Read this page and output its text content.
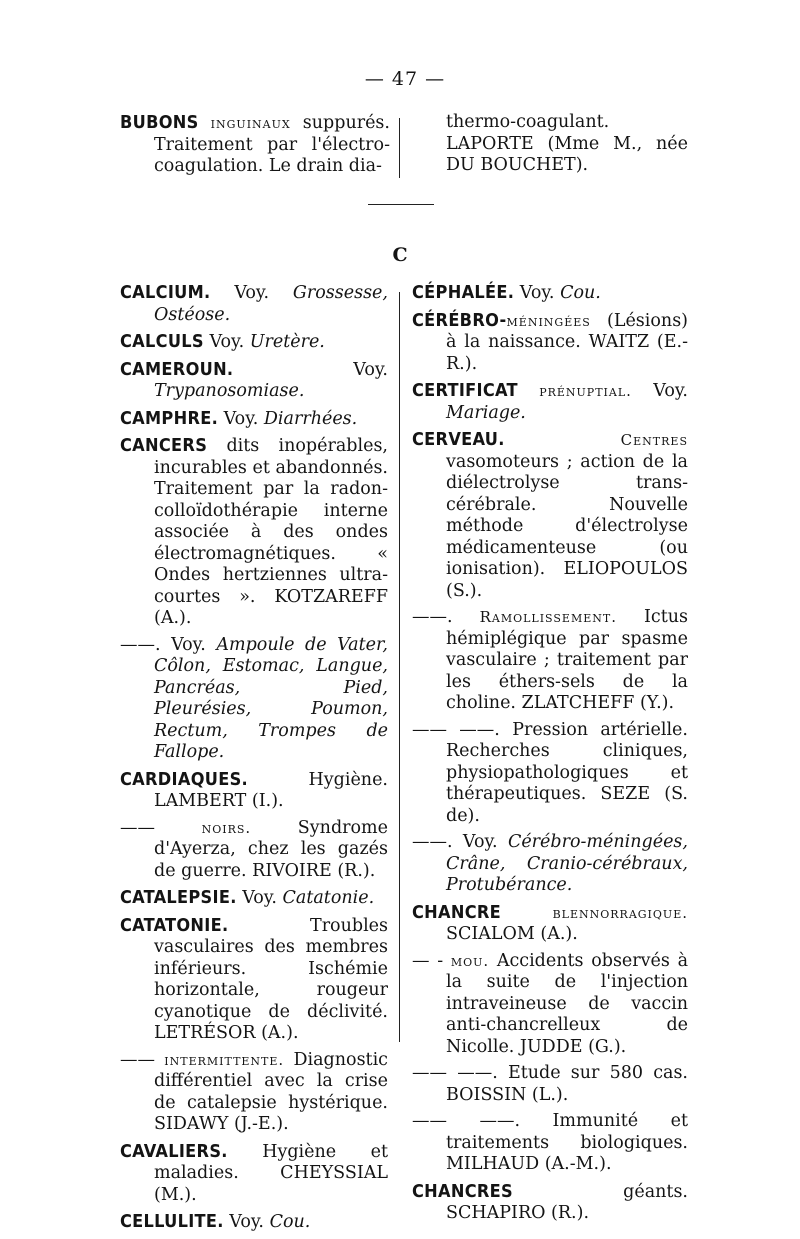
— 47 —
BUBONS inguinaux suppurés. Traitement par l'électro-coagulation. Le drain dia-
thermo-coagulant. LAPORTE (Mme M., née DU BOUCHET).
C
CALCIUM. Voy. Grossesse, Ostéose.
CALCULS Voy. Uretère.
CAMEROUN.	Voy. Trypanosomiase.
CAMPHRE. Voy. Diarrhées.
CANCERS dits inopérables, incurables et abandonnés. Traitement par la radon-colloïdothérapie interne associée à des ondes électromagnétiques. « Ondes hertziennes ultra-courtes ». KOTZAREFF (A.).
——. Voy. Ampoule de Vater, Côlon, Estomac, Langue, Pancréas, Pied, Pleurésies, Poumon, Rectum, Trompes de Fallope.
CARDIAQUES.	Hygiène. LAMBERT (I.).
——	noirs.	Syndrome d'Ayerza, chez les gazés de guerre. RIVOIRE (R.).
CATALEPSIE. Voy. Catatonie.
CATATONIE.	Troubles vasculaires des membres inférieurs. Ischémie horizontale, rougeur cyanotique de déclivité. LETRÉSOR (A.).
—— intermittente. Diagnostic différentiel avec la crise de catalepsie hystérique. SIDAWY (J.-E.).
CAVALIERS. Hygiène et maladies. CHEYSSIAL (M.).
CELLULITE. Voy. Cou.
CÉPHALÉE. Voy. Cou.
CÉRÉBRO-méningées (Lésions) à la naissance. WAITZ (E.-R.).
CERTIFICAT prénuptial. Voy. Mariage.
CERVEAU.	Centres vasomoteurs ; action de la diélectrolyse trans-cérébrale. Nouvelle méthode d'électrolyse médicamenteuse (ou ionisation). ELIOPOULOS (S.).
——. Ramollissement. Ictus hémiplégique par spasme vasculaire ; traitement par les éthers-sels de la choline. ZLATCHEFF (Y.).
—— ——. Pression artérielle. Recherches cliniques, physiopathologiques et thérapeutiques. SEZE (S. de).
——. Voy. Cérébro-méningées, Crâne, Cranio-cérébraux, Protubérance.
CHANCRE	blennorragique. SCIALOM (A.).
— - mou. Accidents observés à la suite de l'injection intraveineuse de vaccin anti-chancrelleux de Nicolle. JUDDE (G.).
—— ——. Etude sur 580 cas. BOISSIN (L.).
—— ——. Immunité et traitements biologiques. MILHAUD (A.-M.).
CHANCRES	géants. SCHAPIRO (R.).
